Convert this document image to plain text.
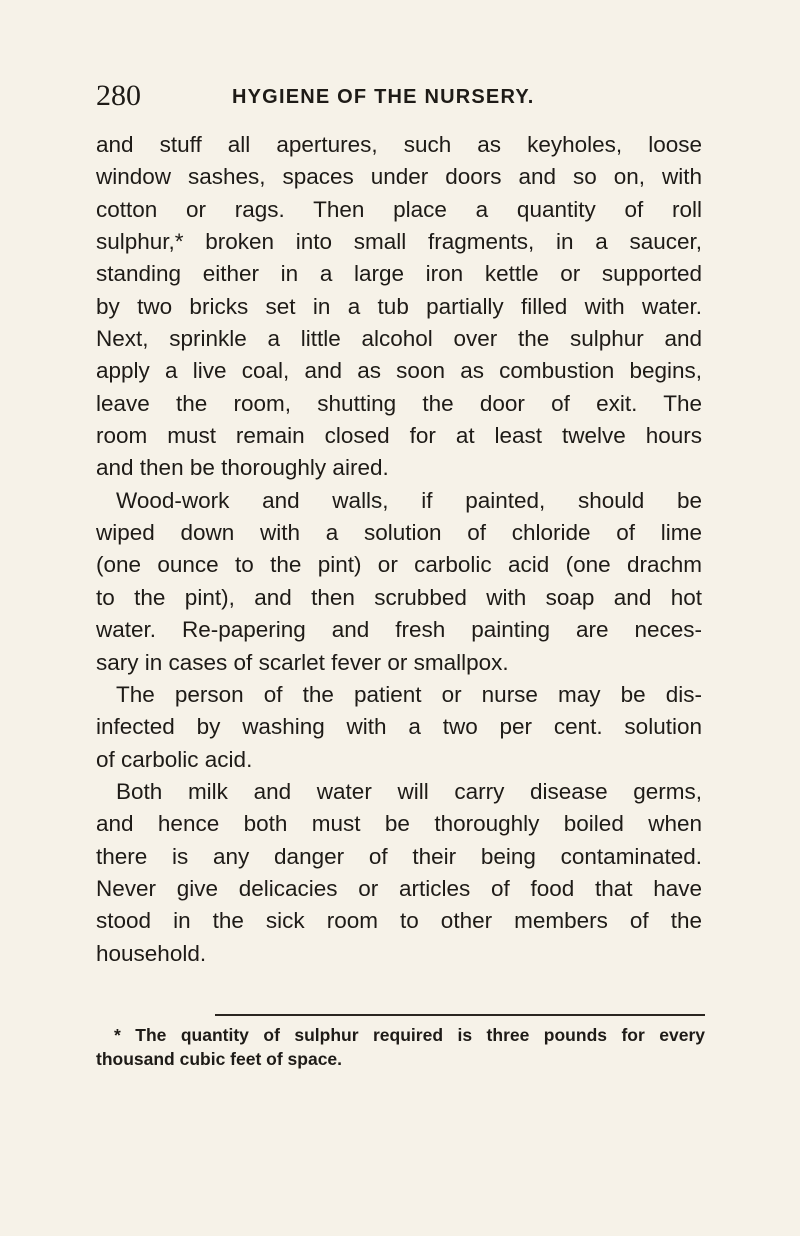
280	HYGIENE OF THE NURSERY.
and stuff all apertures, such as keyholes, loose
window sashes, spaces under doors and so on, with
cotton or rags. Then place a quantity of roll
sulphur,* broken into small fragments, in a saucer,
standing either in a large iron kettle or supported
by two bricks set in a tub partially filled with water.
Next, sprinkle a little alcohol over the sulphur and
apply a live coal, and as soon as combustion begins,
leave the room, shutting the door of exit. The
room must remain closed for at least twelve hours
and then be thoroughly aired.
Wood-work and walls, if painted, should be
wiped down with a solution of chloride of lime
(one ounce to the pint) or carbolic acid (one drachm
to the pint), and then scrubbed with soap and hot
water. Re-papering and fresh painting are neces-
sary in cases of scarlet fever or smallpox.
The person of the patient or nurse may be dis-
infected by washing with a two per cent. solution
of carbolic acid.
Both milk and water will carry disease germs,
and hence both must be thoroughly boiled when
there is any danger of their being contaminated.
Never give delicacies or articles of food that have
stood in the sick room to other members of the
household.
* The quantity of sulphur required is three pounds for every
thousand cubic feet of space.
